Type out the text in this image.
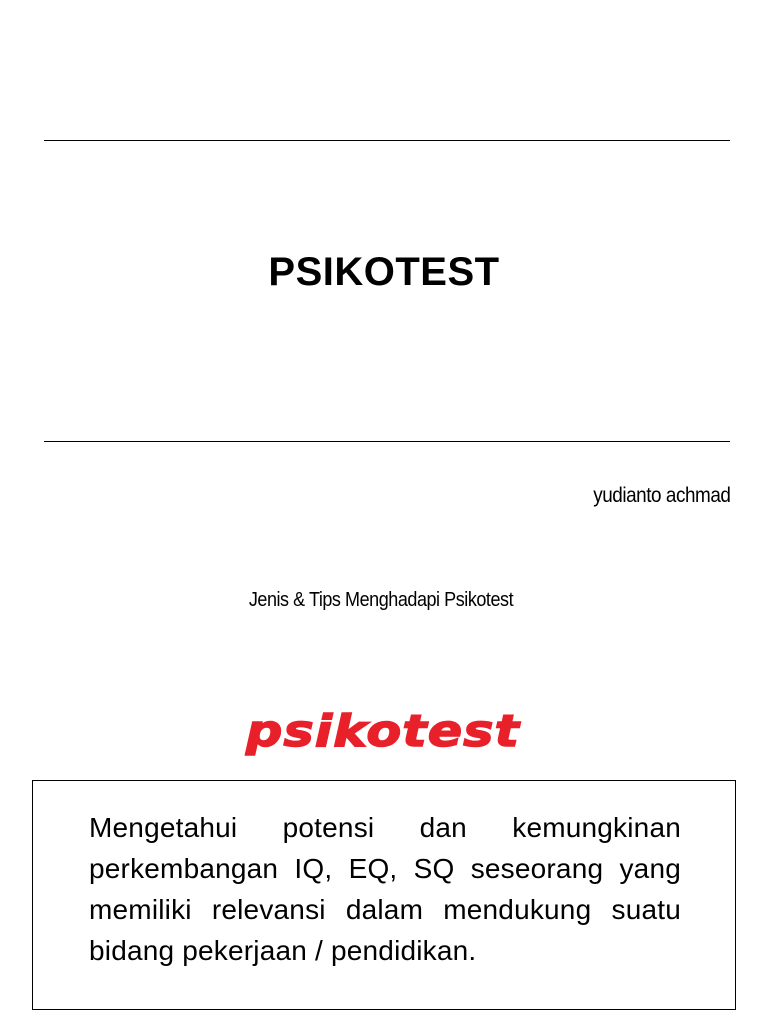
PSIKOTEST
yudianto achmad
Jenis & Tips Menghadapi Psikotest
psikotest
Mengetahui potensi dan kemungkinan perkembangan IQ, EQ, SQ seseorang yang memiliki relevansi dalam mendukung suatu bidang pekerjaan / pendidikan.
